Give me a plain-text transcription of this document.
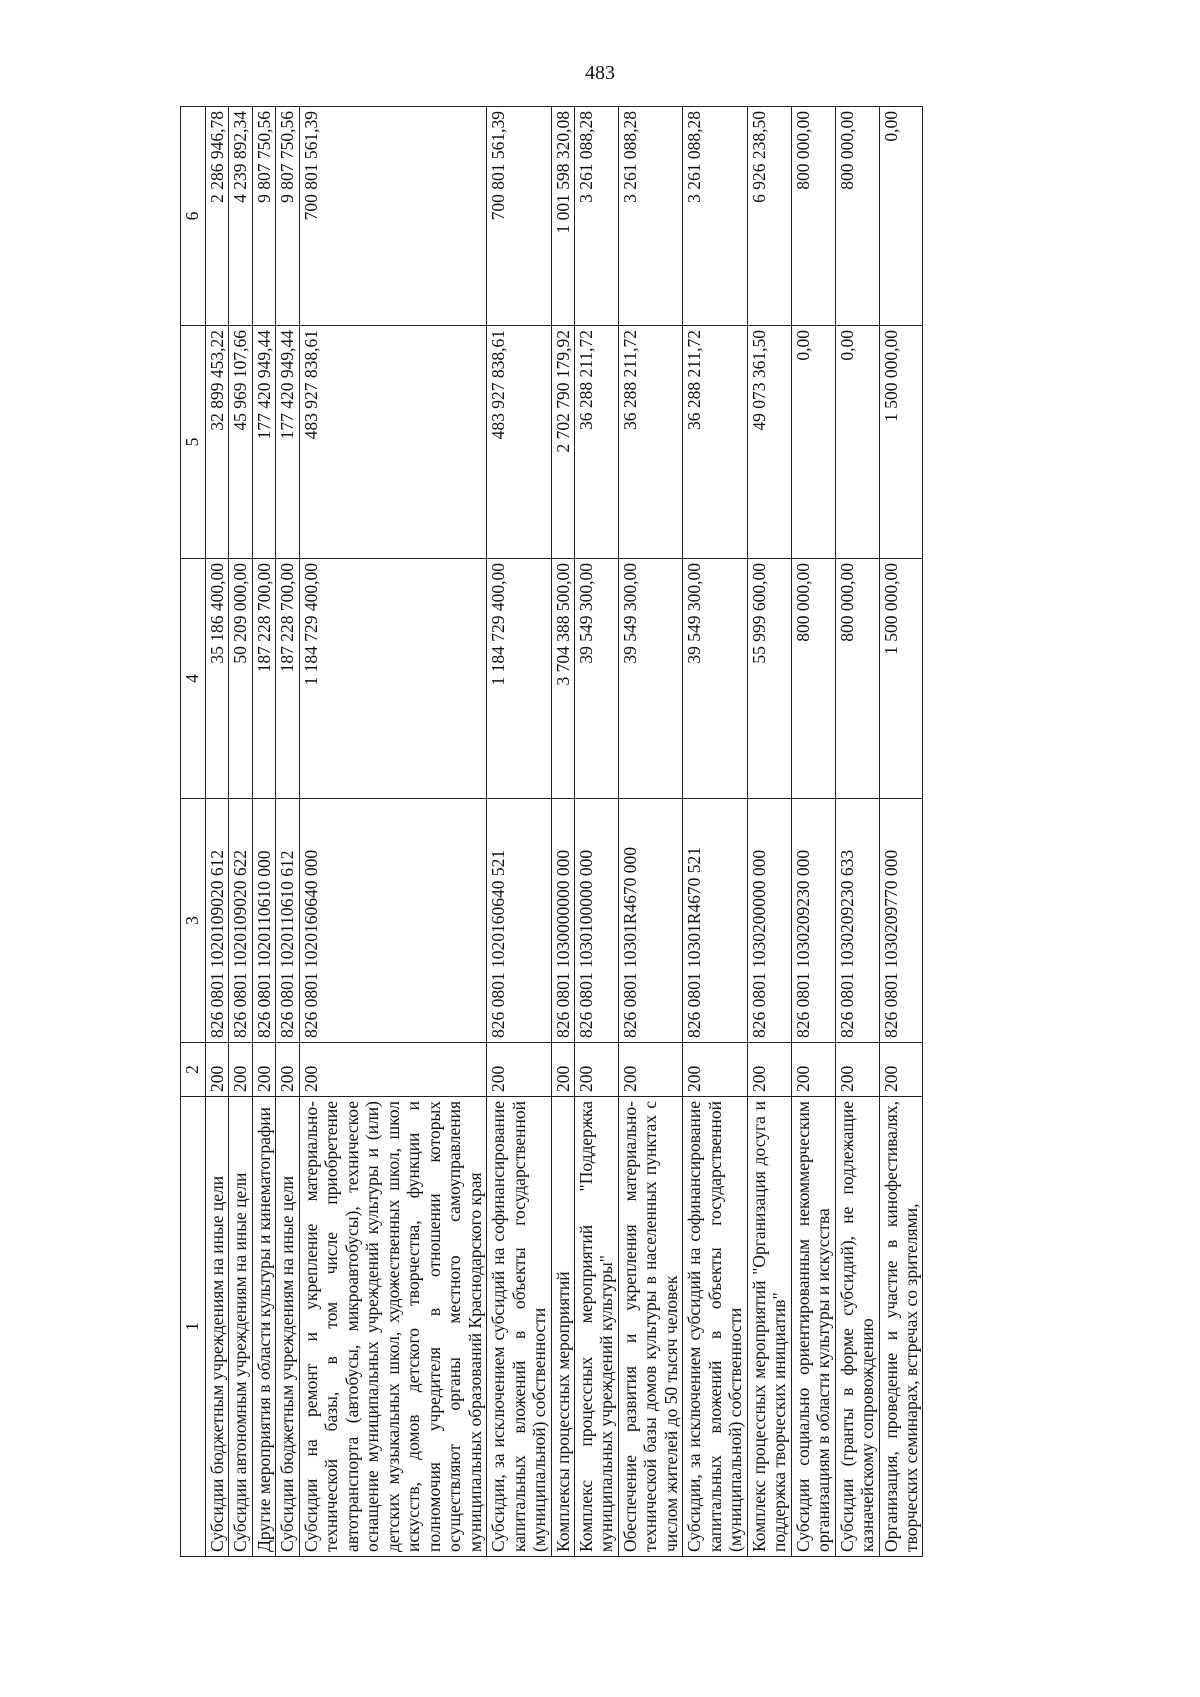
483
1	2	3	4	5	6
Субсидии бюджетным учреждениям на иные цели	200	826 0801 1020109020 612	35 186 400,00	32 899 453,22	2 286 946,78
Субсидии автономным учреждениям на иные цели	200	826 0801 1020109020 622	50 209 000,00	45 969 107,66	4 239 892,34
Другие мероприятия в области культуры и кинематографии	200	826 0801 1020110610 000	187 228 700,00	177 420 949,44	9 807 750,56
Субсидии бюджетным учреждениям на иные цели	200	826 0801 1020110610 612	187 228 700,00	177 420 949,44	9 807 750,56
Субсидии на ремонт и укрепление материально-технической базы, в том числе приобретение автотранспорта (автобусы, микроавтобусы), техническое оснащение муниципальных учреждений культуры и (или) детских музыкальных школ, художественных школ, школ искусств, домов детского творчества, функции и полномочия учредителя в отношении которых осуществляют органы местного самоуправления муниципальных образований Краснодарского края	200	826 0801 1020160640 000	1 184 729 400,00	483 927 838,61	700 801 561,39
Субсидии, за исключением субсидий на софинансирование капитальных вложений в объекты государственной (муниципальной) собственности	200	826 0801 1020160640 521	1 184 729 400,00	483 927 838,61	700 801 561,39
Комплексы процессных мероприятий	200	826 0801 1030000000 000	3 704 388 500,00	2 702 790 179,92	1 001 598 320,08
Комплекс процессных мероприятий "Поддержка муниципальных учреждений культуры"	200	826 0801 1030100000 000	39 549 300,00	36 288 211,72	3 261 088,28
Обеспечение развития и укрепления материально-технической базы домов культуры в населенных пунктах с числом жителей до 50 тысяч человек	200	826 0801 10301R4670 000	39 549 300,00	36 288 211,72	3 261 088,28
Субсидии, за исключением субсидий на софинансирование капитальных вложений в объекты государственной (муниципальной) собственности	200	826 0801 10301R4670 521	39 549 300,00	36 288 211,72	3 261 088,28
Комплекс процессных мероприятий "Организация досуга и поддержка творческих инициатив"	200	826 0801 1030200000 000	55 999 600,00	49 073 361,50	6 926 238,50
Субсидии социально ориентированным некоммерческим организациям в области культуры и искусства	200	826 0801 1030209230 000	800 000,00	0,00	800 000,00
Субсидии (гранты в форме субсидий), не подлежащие казначейскому сопровождению	200	826 0801 1030209230 633	800 000,00	0,00	800 000,00
Организация, проведение и участие в кинофестивалях, творческих семинарах, встречах со зрителями,	200	826 0801 1030209770 000	1 500 000,00	1 500 000,00	0,00
